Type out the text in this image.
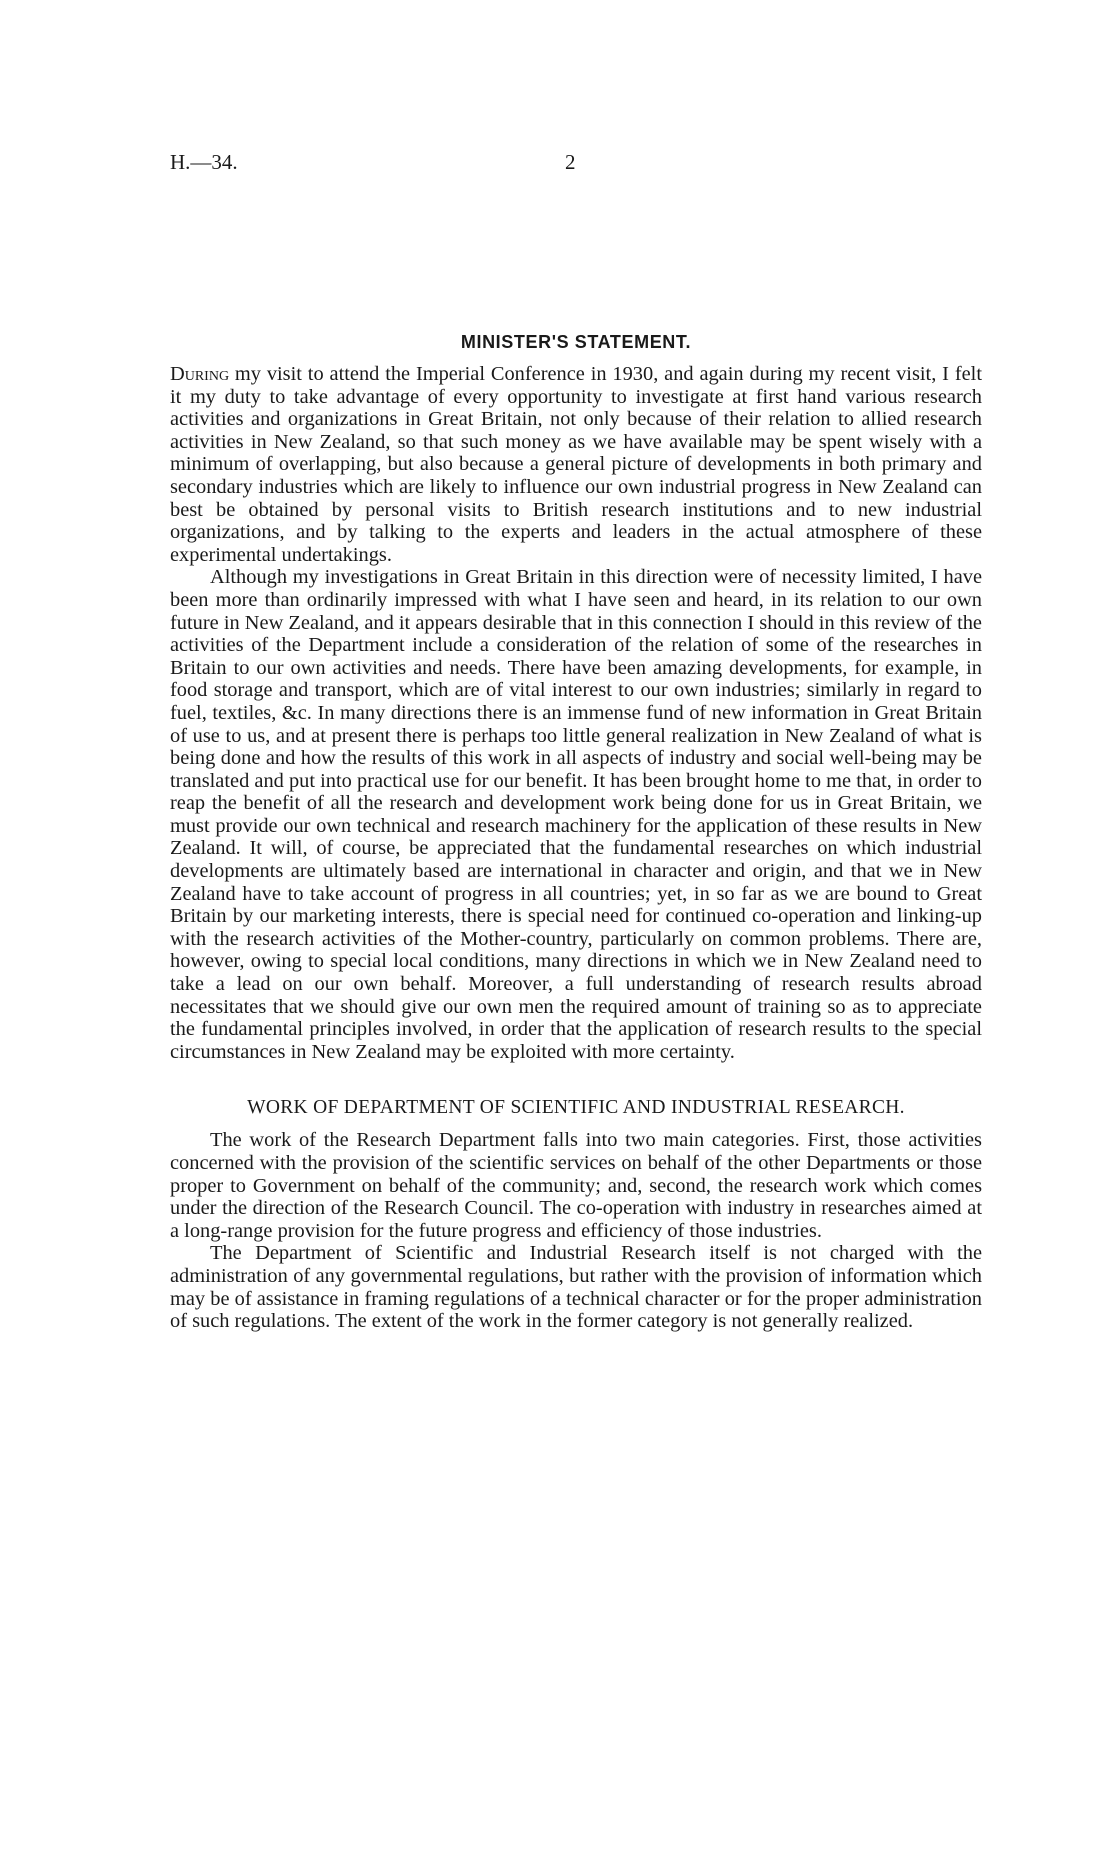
H.—34.	2
MINISTER'S STATEMENT.

During my visit to attend the Imperial Conference in 1930, and again during my recent visit, I felt it my duty to take advantage of every opportunity to investigate at first hand various research activities and organizations in Great Britain, not only because of their relation to allied research activities in New Zealand, so that such money as we have available may be spent wisely with a minimum of overlapping, but also because a general picture of developments in both primary and secondary industries which are likely to influence our own industrial progress in New Zealand can best be obtained by personal visits to British research institutions and to new industrial organizations, and by talking to the experts and leaders in the actual atmosphere of these experimental undertakings.

Although my investigations in Great Britain in this direction were of necessity limited, I have been more than ordinarily impressed with what I have seen and heard, in its relation to our own future in New Zealand, and it appears desirable that in this connection I should in this review of the activities of the Department include a consideration of the relation of some of the researches in Britain to our own activities and needs. There have been amazing developments, for example, in food storage and transport, which are of vital interest to our own industries; similarly in regard to fuel, textiles, &c. In many directions there is an immense fund of new information in Great Britain of use to us, and at present there is perhaps too little general realization in New Zealand of what is being done and how the results of this work in all aspects of industry and social well-being may be translated and put into practical use for our benefit. It has been brought home to me that, in order to reap the benefit of all the research and development work being done for us in Great Britain, we must provide our own technical and research machinery for the application of these results in New Zealand. It will, of course, be appreciated that the fundamental researches on which industrial developments are ultimately based are international in character and origin, and that we in New Zealand have to take account of progress in all countries; yet, in so far as we are bound to Great Britain by our marketing interests, there is special need for continued co-operation and linking-up with the research activities of the Mother-country, particularly on common problems. There are, however, owing to special local conditions, many directions in which we in New Zealand need to take a lead on our own behalf. Moreover, a full understanding of research results abroad necessitates that we should give our own men the required amount of training so as to appreciate the fundamental principles involved, in order that the application of research results to the special circumstances in New Zealand may be exploited with more certainty.

WORK OF DEPARTMENT OF SCIENTIFIC AND INDUSTRIAL RESEARCH.

The work of the Research Department falls into two main categories. First, those activities concerned with the provision of the scientific services on behalf of the other Departments or those proper to Government on behalf of the community; and, second, the research work which comes under the direction of the Research Council. The co-operation with industry in researches aimed at a long-range provision for the future progress and efficiency of those industries.

The Department of Scientific and Industrial Research itself is not charged with the administration of any governmental regulations, but rather with the provision of information which may be of assistance in framing regulations of a technical character or for the proper administration of such regulations. The extent of the work in the former category is not generally realized.
